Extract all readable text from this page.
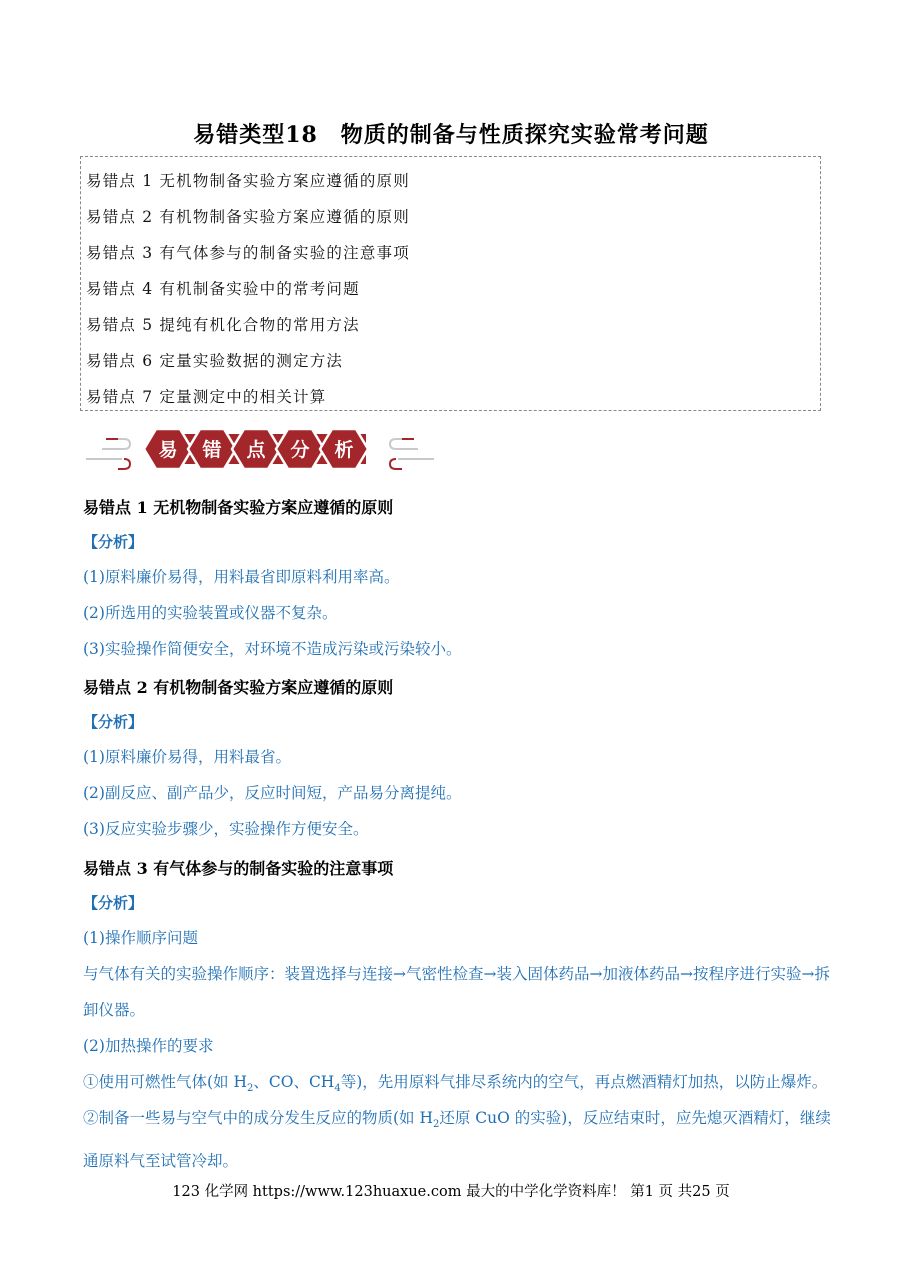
易错类型18　物质的制备与性质探究实验常考问题
易错点 1 无机物制备实验方案应遵循的原则
易错点 2 有机物制备实验方案应遵循的原则
易错点 3 有气体参与的制备实验的注意事项
易错点 4 有机制备实验中的常考问题
易错点 5 提纯有机化合物的常用方法
易错点 6 定量实验数据的测定方法
易错点 7 定量测定中的相关计算
易 错 点 分 析
易错点 1 无机物制备实验方案应遵循的原则
【分析】
(1)原料廉价易得，用料最省即原料利用率高。
(2)所选用的实验装置或仪器不复杂。
(3)实验操作简便安全，对环境不造成污染或污染较小。
易错点 2 有机物制备实验方案应遵循的原则
【分析】
(1)原料廉价易得，用料最省。
(2)副反应、副产品少，反应时间短，产品易分离提纯。
(3)反应实验步骤少，实验操作方便安全。
易错点 3 有气体参与的制备实验的注意事项
【分析】
(1)操作顺序问题
与气体有关的实验操作顺序：装置选择与连接→气密性检查→装入固体药品→加液体药品→按程序进行实验→拆卸仪器。
(2)加热操作的要求
①使用可燃性气体(如 $H_2$、CO、$CH_4$等)，先用原料气排尽系统内的空气，再点燃酒精灯加热，以防止爆炸。
②制备一些易与空气中的成分发生反应的物质(如 $H_2$还原 CuO 的实验)，反应结束时，应先熄灭酒精灯，继续通原料气至试管冷却。
123 化学网 https://www.123huaxue.com 最大的中学化学资料库！ 第1 页 共25 页
